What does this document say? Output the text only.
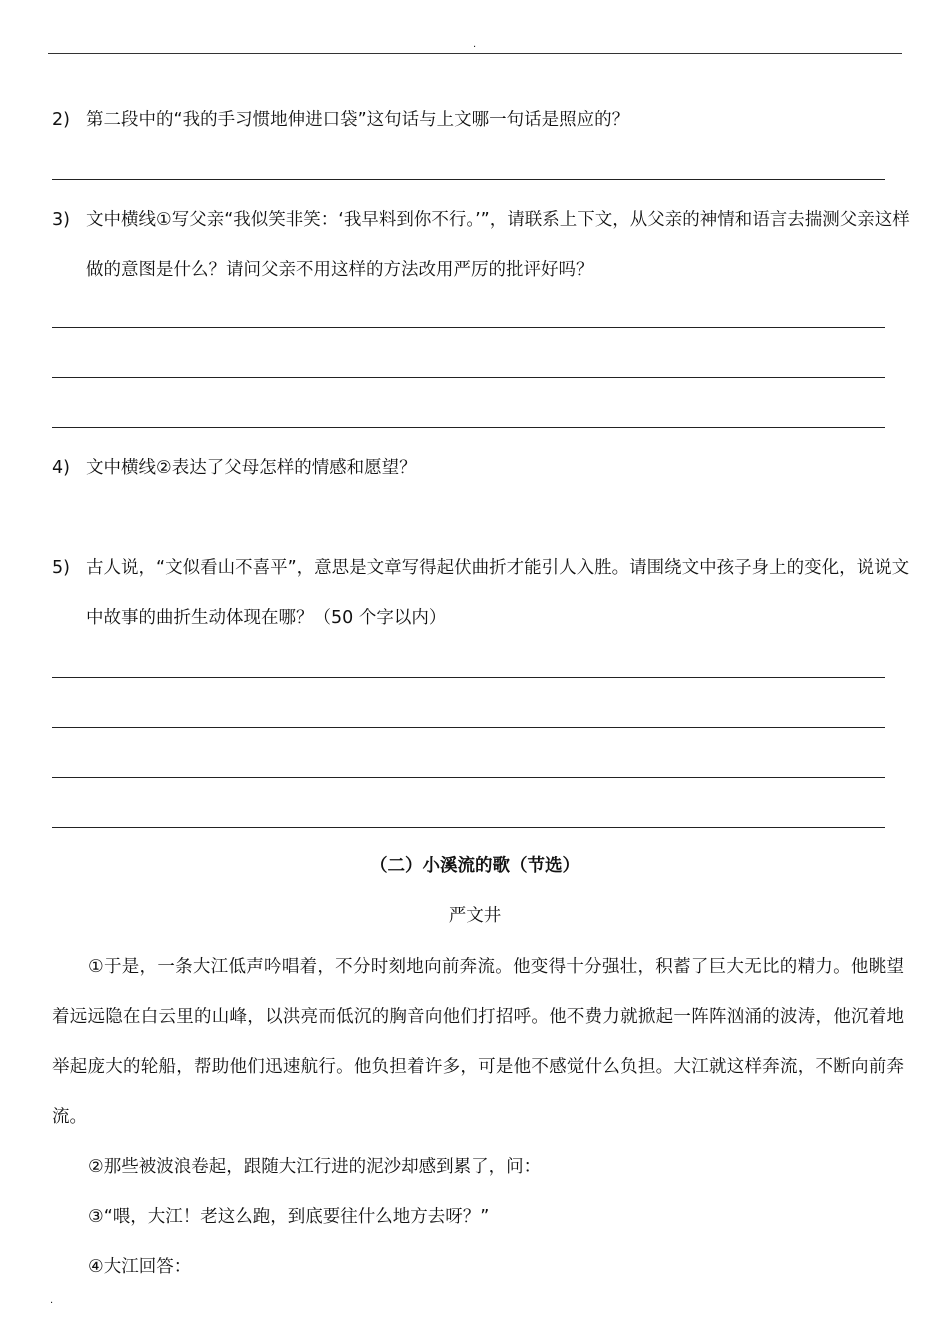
.
2) 第二段中的“我的手习惯地伸进口袋”这句话与上文哪一句话是照应的？
3) 文中横线①写父亲“我似笑非笑：‘我早料到你不行。’”，请联系上下文，从父亲的神情和语言去揣测父亲这样做的意图是什么？请问父亲不用这样的方法改用严厉的批评好吗？
4) 文中横线②表达了父母怎样的情感和愿望？
5) 古人说，“文似看山不喜平”，意思是文章写得起伏曲折才能引人入胜。请围绕文中孩子身上的变化，说说文中故事的曲折生动体现在哪？（50 个字以内）
（二）小溪流的歌（节选）
严文井
①于是，一条大江低声吟唱着，不分时刻地向前奔流。他变得十分强壮，积蓄了巨大无比的精力。他眺望着远远隐在白云里的山峰，以洪亮而低沉的胸音向他们打招呼。他不费力就掀起一阵阵汹涌的波涛，他沉着地举起庞大的轮船，帮助他们迅速航行。他负担着许多，可是他不感觉什么负担。大江就这样奔流，不断向前奔流。
②那些被波浪卷起，跟随大江行进的泥沙却感到累了，问：
③“喂，大江！老这么跑，到底要往什么地方去呀？”
④大江回答：
.
